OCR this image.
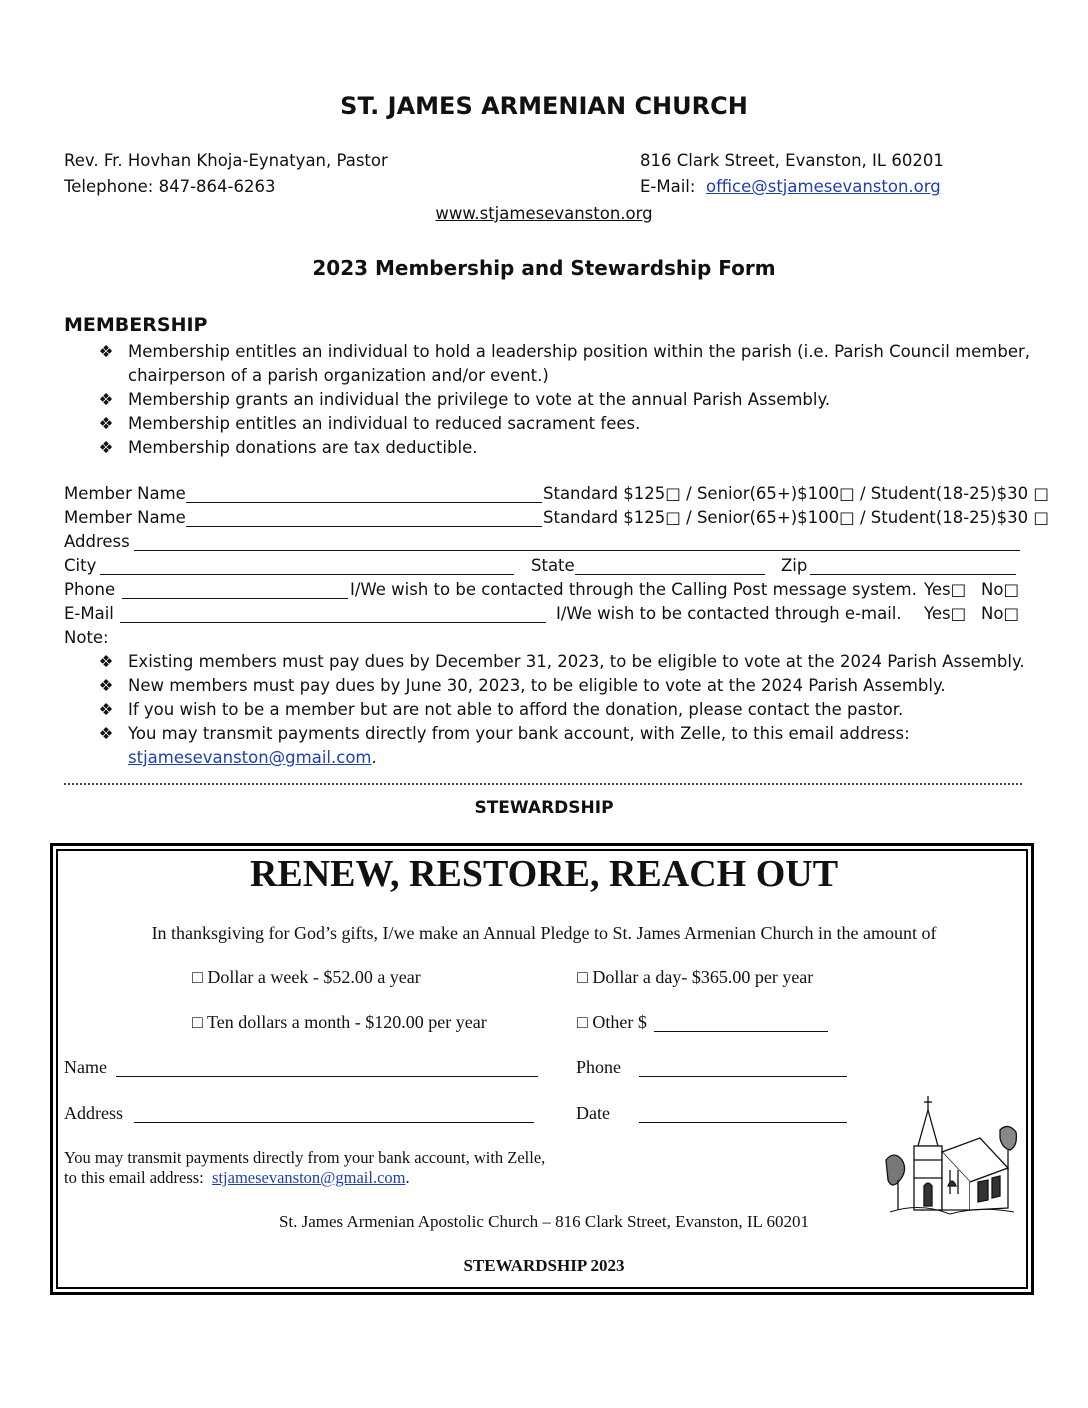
ST. JAMES ARMENIAN CHURCH
Rev. Fr. Hovhan Khoja-Eynatyan, Pastor	816 Clark Street, Evanston, IL 60201
Telephone: 847-864-6263	E-Mail: office@stjamesevanston.org
www.stjamesevanston.org
2023 Membership and Stewardship Form
MEMBERSHIP
❖ Membership entitles an individual to hold a leadership position within the parish (i.e. Parish Council member,
chairperson of a parish organization and/or event.)
❖ Membership grants an individual the privilege to vote at the annual Parish Assembly.
❖ Membership entitles an individual to reduced sacrament fees.
❖ Membership donations are tax deductible.
Member Name	Standard $125□ / Senior(65+)$100□ / Student(18-25)$30 □
Member Name	Standard $125□ / Senior(65+)$100□ / Student(18-25)$30 □
Address
City	State	Zip
Phone	I/We wish to be contacted through the Calling Post message system. Yes□ No□
E-Mail	I/We wish to be contacted through e-mail. Yes□ No□
Note:
❖ Existing members must pay dues by December 31, 2023, to be eligible to vote at the 2024 Parish Assembly.
❖ New members must pay dues by June 30, 2023, to be eligible to vote at the 2024 Parish Assembly.
❖ If you wish to be a member but are not able to afford the donation, please contact the pastor.
❖ You may transmit payments directly from your bank account, with Zelle, to this email address:
stjamesevanston@gmail.com.
STEWARDSHIP
RENEW, RESTORE, REACH OUT
In thanksgiving for God’s gifts, I/we make an Annual Pledge to St. James Armenian Church in the amount of
□ Dollar a week - $52.00 a year	□ Dollar a day- $365.00 per year
□ Ten dollars a month - $120.00 per year	□ Other $
Name	Phone
Address	Date
You may transmit payments directly from your bank account, with Zelle,
to this email address: stjamesevanston@gmail.com.
St. James Armenian Apostolic Church – 816 Clark Street, Evanston, IL 60201
STEWARDSHIP 2023
